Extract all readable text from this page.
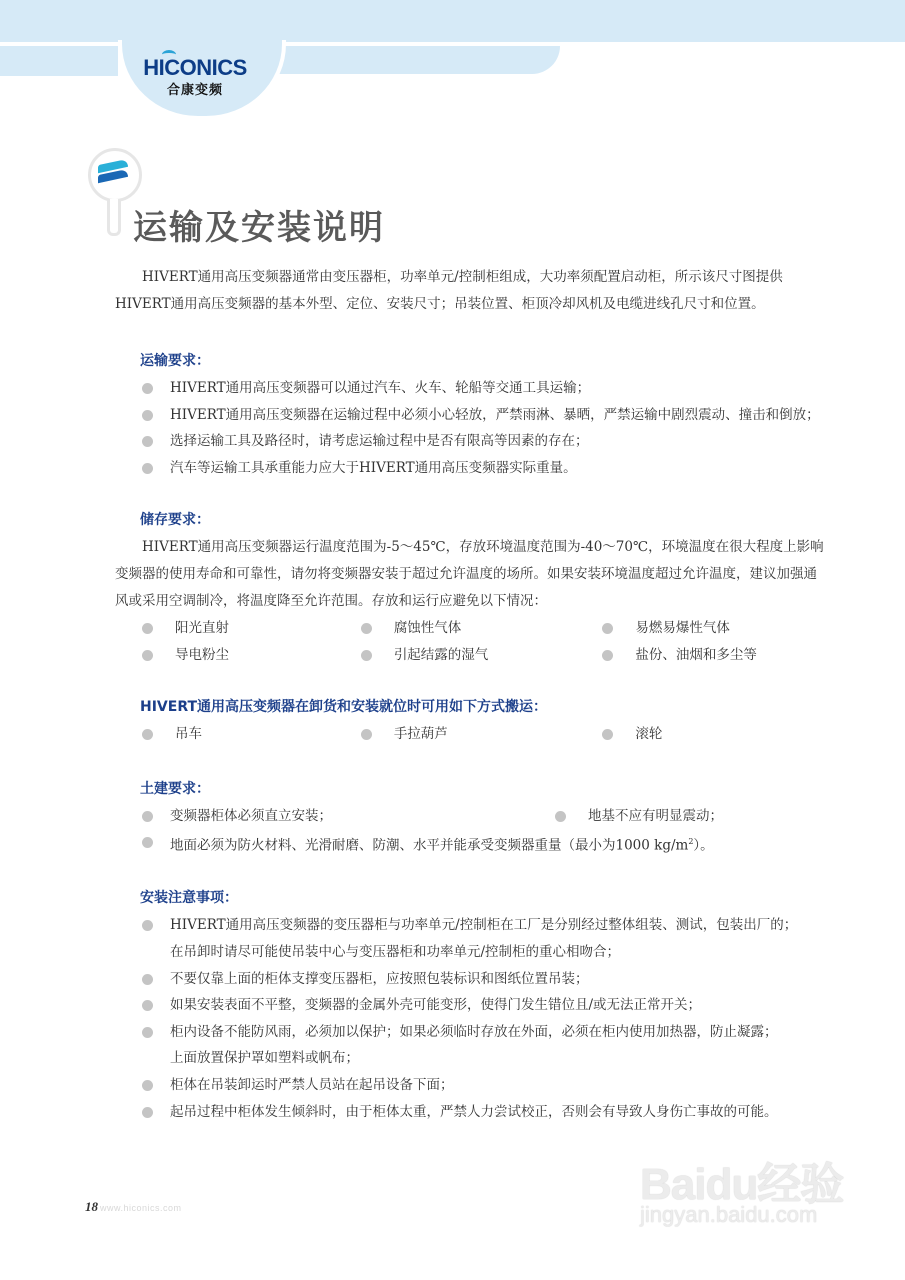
HICONICS
合康变频
运输及安装说明

HIVERT通用高压变频器通常由变压器柜，功率单元/控制柜组成，大功率须配置启动柜，所示该尺寸图提供HIVERT通用高压变频器的基本外型、定位、安装尺寸；吊装位置、柜顶冷却风机及电缆进线孔尺寸和位置。

运输要求：

HIVERT通用高压变频器可以通过汽车、火车、轮船等交通工具运输；
HIVERT通用高压变频器在运输过程中必须小心轻放，严禁雨淋、暴晒，严禁运输中剧烈震动、撞击和倒放；
选择运输工具及路径时，请考虑运输过程中是否有限高等因素的存在；
汽车等运输工具承重能力应大于HIVERT通用高压变频器实际重量。

储存要求：

HIVERT通用高压变频器运行温度范围为-5～45℃，存放环境温度范围为-40～70℃，环境温度在很大程度上影响变频器的使用寿命和可靠性，请勿将变频器安装于超过允许温度的场所。如果安装环境温度超过允许温度，建议加强通风或采用空调制冷，将温度降至允许范围。存放和运行应避免以下情况：

阳光直射	腐蚀性气体	易燃易爆性气体
导电粉尘	引起结露的湿气	盐份、油烟和多尘等

HIVERT通用高压变频器在卸货和安装就位时可用如下方式搬运：

吊车	手拉葫芦	滚轮

土建要求：

变频器柜体必须直立安装；	地基不应有明显震动；
地面必须为防火材料、光滑耐磨、防潮、水平并能承受变频器重量（最小为1000 $kg/m^2$）。

安装注意事项：

HIVERT通用高压变频器的变压器柜与功率单元/控制柜在工厂是分别经过整体组装、测试，包装出厂的；
在吊卸时请尽可能使吊装中心与变压器柜和功率单元/控制柜的重心相吻合；
不要仅靠上面的柜体支撑变压器柜，应按照包装标识和图纸位置吊装；
如果安装表面不平整，变频器的金属外壳可能变形，使得门发生错位且/或无法正常开关；
柜内设备不能防风雨，必须加以保护；如果必须临时存放在外面，必须在柜内使用加热器，防止凝露；
上面放置保护罩如塑料或帆布；
柜体在吊装卸运时严禁人员站在起吊设备下面；
起吊过程中柜体发生倾斜时，由于柜体太重，严禁人力尝试校正，否则会有导致人身伤亡事故的可能。
18 www.hiconics.com	Baidu经验
jingyan.baidu.com
